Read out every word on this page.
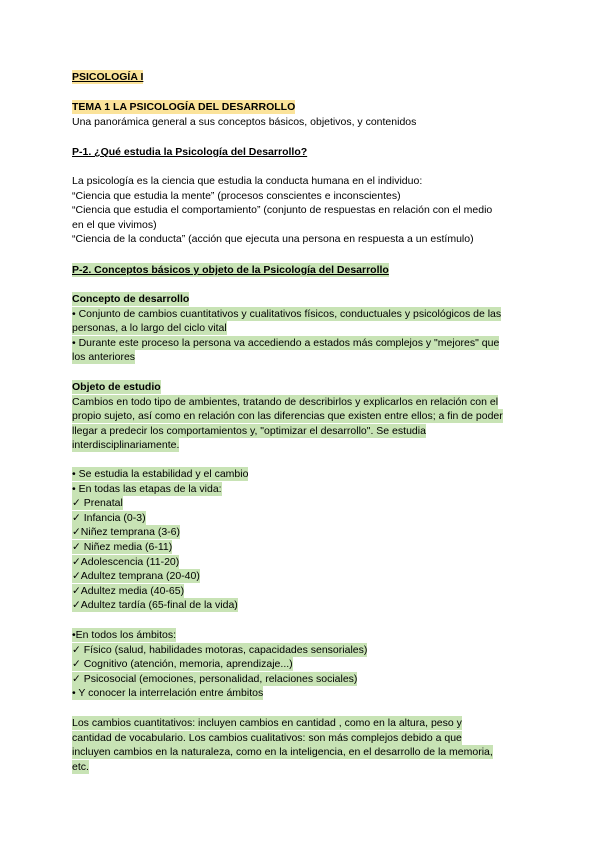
PSICOLOGÍA I
TEMA 1 LA PSICOLOGÍA DEL DESARROLLO
Una panorámica general a sus conceptos básicos, objetivos, y contenidos
P-1. ¿Qué estudia la Psicología del Desarrollo?
La psicología es la ciencia que estudia la conducta humana en el individuo:
“Ciencia que estudia la mente” (procesos conscientes e inconscientes)
“Ciencia que estudia el comportamiento” (conjunto de respuestas en relación con el medio
en el que vivimos)
“Ciencia de la conducta” (acción que ejecuta una persona en respuesta a un estímulo)
P-2. Conceptos básicos y objeto de la Psicología del Desarrollo
Concepto de desarrollo
• Conjunto de cambios cuantitativos y cualitativos físicos, conductuales y psicológicos de las
personas, a lo largo del ciclo vital
• Durante este proceso la persona va accediendo a estados más complejos y "mejores" que
los anteriores
Objeto de estudio
Cambios en todo tipo de ambientes, tratando de describirlos y explicarlos en relación con el
propio sujeto, así como en relación con las diferencias que existen entre ellos; a fin de poder
llegar a predecir los comportamientos y, "optimizar el desarrollo". Se estudia
interdisciplinariamente.
• Se estudia la estabilidad y el cambio
• En todas las etapas de la vida:
✓ Prenatal
✓ Infancia (0-3)
✓Niñez temprana (3-6)
✓ Niñez media (6-11)
✓Adolescencia (11-20)
✓Adultez temprana (20-40)
✓Adultez media (40-65)
✓Adultez tardía (65-final de la vida)
•En todos los ámbitos:
✓ Físico (salud, habilidades motoras, capacidades sensoriales)
✓ Cognitivo (atención, memoria, aprendizaje...)
✓ Psicosocial (emociones, personalidad, relaciones sociales)
• Y conocer la interrelación entre ámbitos
Los cambios cuantitativos: incluyen cambios en cantidad , como en la altura, peso y
cantidad de vocabulario. Los cambios cualitativos: son más complejos debido a que
incluyen cambios en la naturaleza, como en la inteligencia, en el desarrollo de la memoria,
etc.
